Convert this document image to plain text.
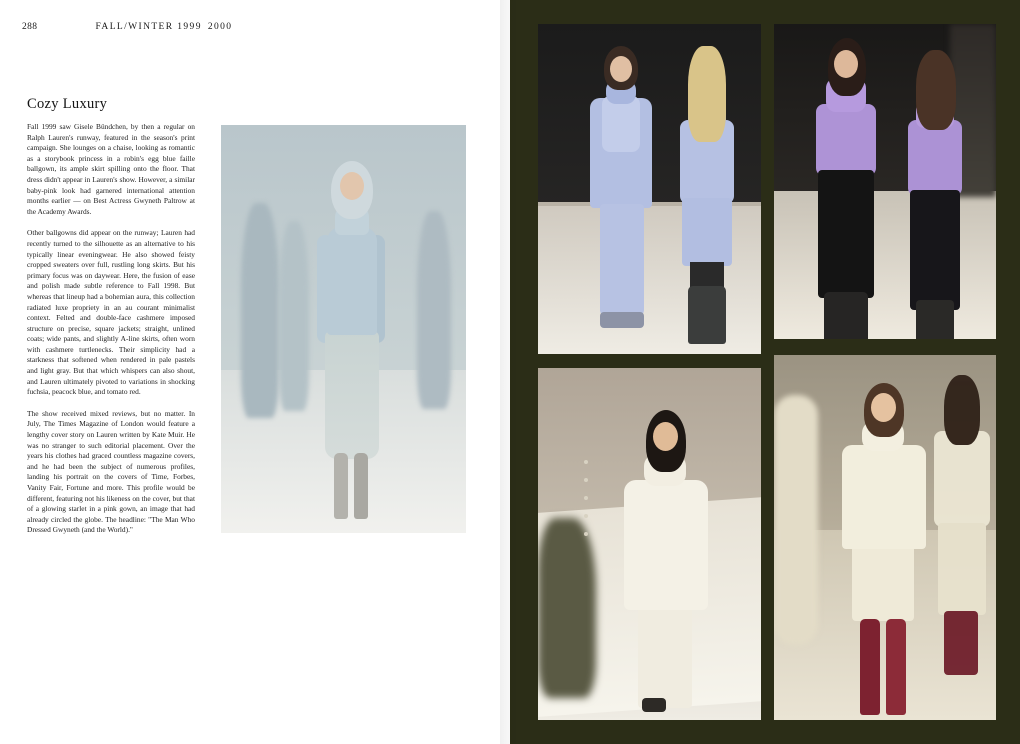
288	FALL/WINTER 1999 2000
Cozy Luxury

Fall 1999 saw Gisele Bündchen, by then a regular on Ralph Lauren's runway, featured in the season's print campaign. She lounges on a chaise, looking as romantic as a storybook princess in a robin's egg blue faille ballgown, its ample skirt spilling onto the floor. That dress didn't appear in Lauren's show. However, a similar baby-pink look had garnered international attention months earlier — on Best Actress Gwyneth Paltrow at the Academy Awards.

Other ballgowns did appear on the runway; Lauren had recently turned to the silhouette as an alternative to his typically linear eveningwear. He also showed feisty cropped sweaters over full, rustling long skirts. But his primary focus was on daywear. Here, the fusion of ease and polish made subtle reference to Fall 1998. But whereas that lineup had a bohemian aura, this collection radiated luxe propriety in an au courant minimalist context. Felted and double-face cashmere imposed structure on precise, square jackets; straight, unlined coats; wide pants, and slightly A-line skirts, often worn with cashmere turtlenecks. Their simplicity had a starkness that softened when rendered in pale pastels and light gray. But that which whispers can also shout, and Lauren ultimately pivoted to variations in shocking fuchsia, peacock blue, and tomato red.

The show received mixed reviews, but no matter. In July, The Times Magazine of London would feature a lengthy cover story on Lauren written by Kate Muir. He was no stranger to such editorial placement. Over the years his clothes had graced countless magazine covers, and he had been the subject of numerous profiles, landing his portrait on the covers of Time, Forbes, Vanity Fair, Fortune and more. This profile would be different, featuring not his likeness on the cover, but that of a glowing starlet in a pink gown, an image that had already circled the globe. The headline: "The Man Who Dressed Gwyneth (and the World)."
